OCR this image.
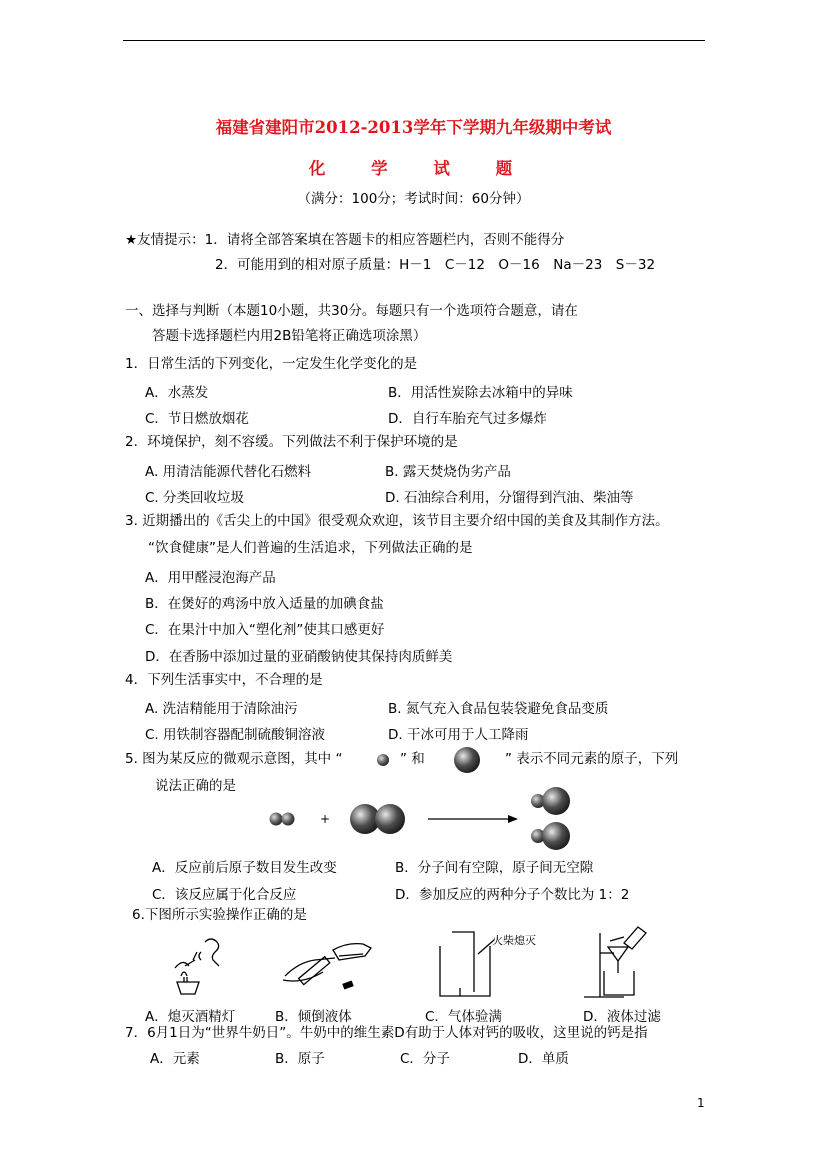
福建省建阳市2012-2013学年下学期九年级期中考试
化 学 试 题
（满分：100分；考试时间：60分钟）
★友情提示：1．请将全部答案填在答题卡的相应答题栏内，否则不能得分
2．可能用到的相对原子质量：H－1　C－12　O－16　Na－23　S－32
一、选择与判断（本题10小题，共30分。每题只有一个选项符合题意，请在
答题卡选择题栏内用2B铅笔将正确选项涂黑）
1．日常生活的下列变化，一定发生化学变化的是
A．水蒸发	B．用活性炭除去冰箱中的异味
C．节日燃放烟花	D．自行车胎充气过多爆炸
2．环境保护，刻不容缓。下列做法不利于保护环境的是
A. 用清洁能源代替化石燃料	B. 露天焚烧伪劣产品
C. 分类回收垃圾	D. 石油综合利用，分馏得到汽油、柴油等
3. 近期播出的《舌尖上的中国》很受观众欢迎，该节目主要介绍中国的美食及其制作方法。
“饮食健康”是人们普遍的生活追求，下列做法正确的是
A．用甲醛浸泡海产品
B．在煲好的鸡汤中放入适量的加碘食盐
C．在果汁中加入“塑化剂”使其口感更好
D．在香肠中添加过量的亚硝酸钠使其保持肉质鲜美
4．下列生活事实中，不合理的是
A. 洗洁精能用于清除油污	B. 氮气充入食品包装袋避免食品变质
C. 用铁制容器配制硫酸铜溶液	D. 干冰可用于人工降雨
5. 图为某反应的微观示意图，其中 “	” 和	” 表示不同元素的原子，下列
说法正确的是
+
A．反应前后原子数目发生改变	B．分子间有空隙，原子间无空隙
C．该反应属于化合反应	D．参加反应的两种分子个数比为 1：2
6.下图所示实验操作正确的是
火柴熄灭
A．熄灭酒精灯	B．倾倒液体	C．气体验满	D．液体过滤
7．6月1日为“世界牛奶日”。牛奶中的维生素D有助于人体对钙的吸收，这里说的钙是指
A．元素	B．原子	C．分子	D．单质
1
